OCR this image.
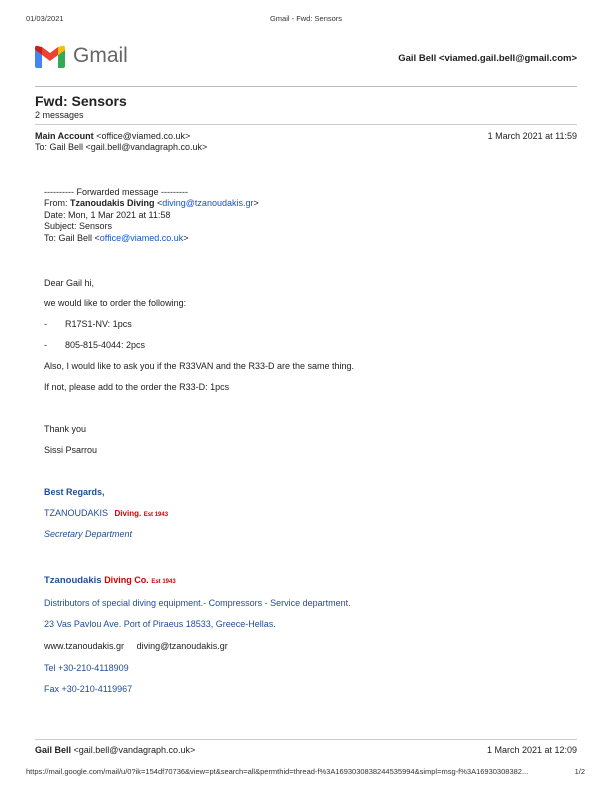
01/03/2021	Gmail - Fwd: Sensors
Gmail	Gail Bell <viamed.gail.bell@gmail.com>
Fwd: Sensors
2 messages
Main Account <office@viamed.co.uk>	1 March 2021 at 11:59
To: Gail Bell <gail.bell@vandagraph.co.uk>
---------- Forwarded message ---------
From: Tzanoudakis Diving <diving@tzanoudakis.gr>
Date: Mon, 1 Mar 2021 at 11:58
Subject: Sensors
To: Gail Bell <office@viamed.co.uk>
Dear Gail hi,
we would like to order the following:
- R17S1-NV: 1pcs
- 805-815-4044: 2pcs
Also, I would like to ask you if the R33VAN and the R33-D are the same thing.
If not, please add to the order the R33-D: 1pcs
Thank you
Sissi Psarrou
Best Regards,
TZANOUDAKIS Diving. Est 1943
Secretary Department
Tzanoudakis Diving Co. Est 1943
Distributors of special diving equipment.- Compressors - Service department.
23 Vas Pavlou Ave. Port of Piraeus 18533, Greece-Hellas.
www.tzanoudakis.gr diving@tzanoudakis.gr
Tel +30-210-4118909
Fax +30-210-4119967
Gail Bell <gail.bell@vandagraph.co.uk>	1 March 2021 at 12:09
https://mail.google.com/mail/u/0?ik=154df70736&view=pt&search=all&permthid=thread-f%3A1693030838244535994&simpl=msg-f%3A16930308382...	1/2
